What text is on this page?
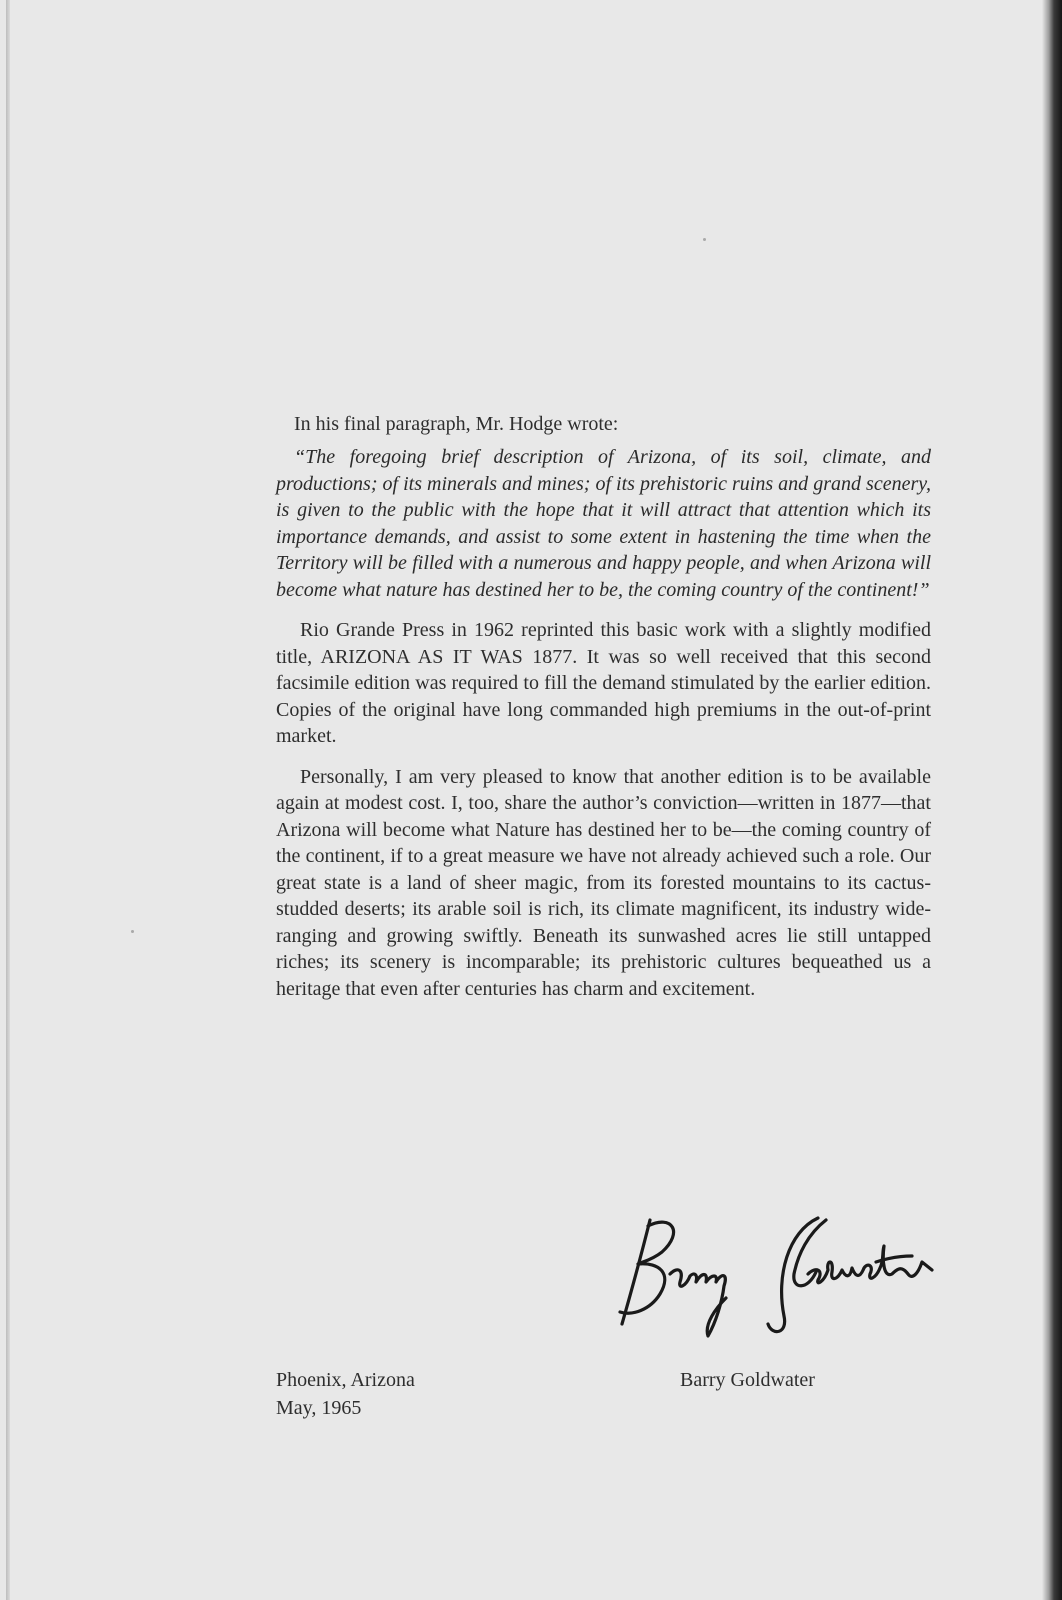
In his final paragraph, Mr. Hodge wrote:

“The foregoing brief description of Arizona, of its soil, climate, and productions; of its minerals and mines; of its prehistoric ruins and grand scenery, is given to the public with the hope that it will attract that attention which its importance demands, and assist to some extent in hastening the time when the Territory will be filled with a numerous and happy people, and when Arizona will become what nature has destined her to be, the coming country of the continent!”

Rio Grande Press in 1962 reprinted this basic work with a slightly modified title, ARIZONA AS IT WAS 1877. It was so well received that this second facsimile edition was required to fill the demand stimulated by the earlier edition. Copies of the original have long commanded high premiums in the out-of-print market.

Personally, I am very pleased to know that another edition is to be available again at modest cost. I, too, share the author’s conviction—written in 1877—that Arizona will become what Nature has destined her to be—the coming country of the continent, if to a great measure we have not already achieved such a role. Our great state is a land of sheer magic, from its forested mountains to its cactus-studded deserts; its arable soil is rich, its climate magnificent, its industry wide-ranging and growing swiftly. Beneath its sunwashed acres lie still untapped riches; its scenery is incomparable; its prehistoric cultures bequeathed us a heritage that even after centuries has charm and excitement.

Phoenix, Arizona
May, 1965
Barry Goldwater
